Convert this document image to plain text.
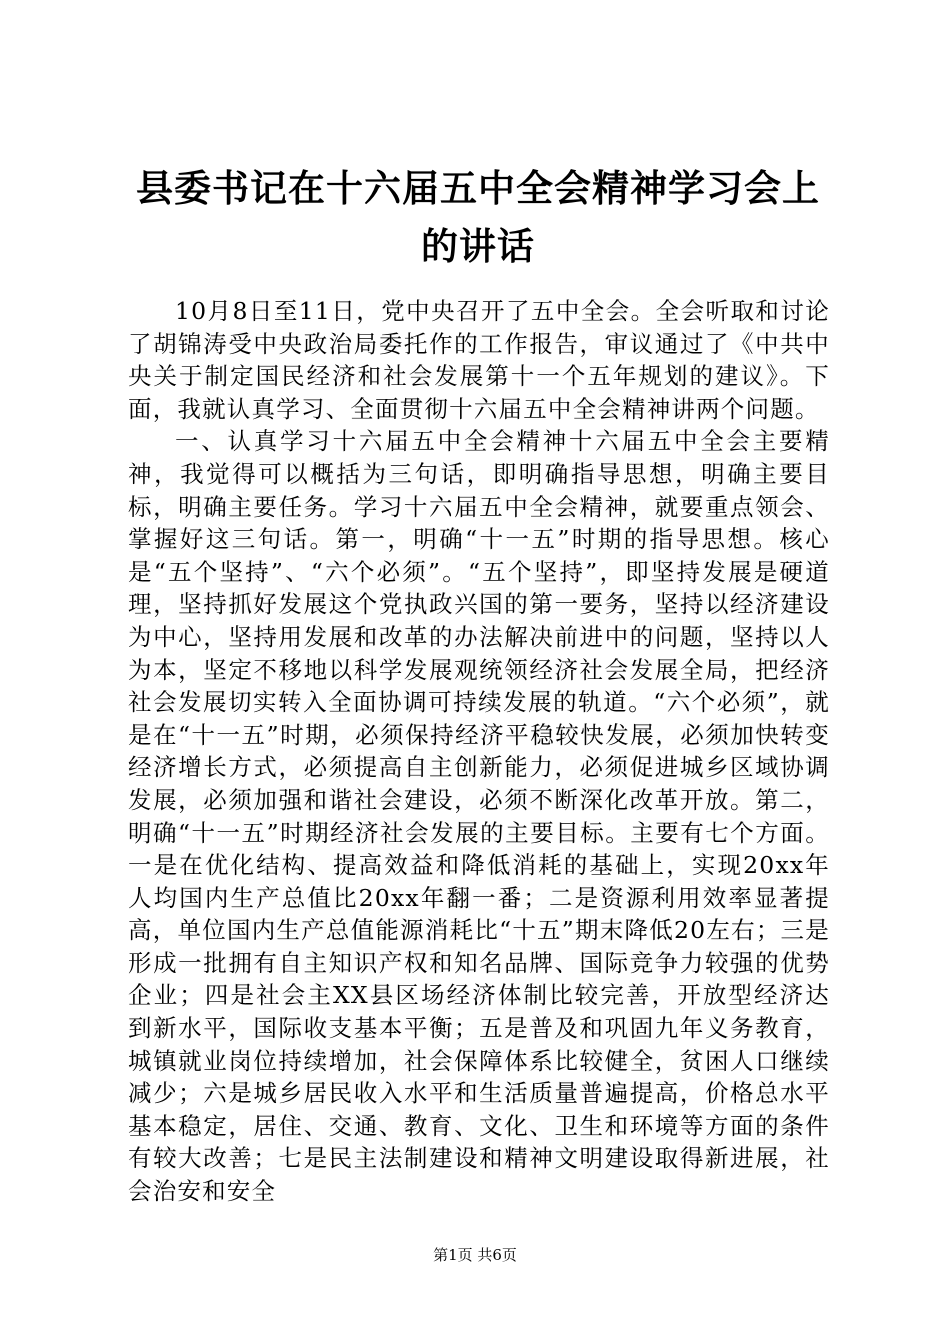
县委书记在十六届五中全会精神学习会上的讲话

10月8日至11日，党中央召开了五中全会。全会听取和讨论了胡锦涛受中央政治局委托作的工作报告，审议通过了《中共中央关于制定国民经济和社会发展第十一个五年规划的建议》。下面，我就认真学习、全面贯彻十六届五中全会精神讲两个问题。

一、认真学习十六届五中全会精神十六届五中全会主要精神，我觉得可以概括为三句话，即明确指导思想，明确主要目标，明确主要任务。学习十六届五中全会精神，就要重点领会、掌握好这三句话。第一，明确“十一五”时期的指导思想。核心是“五个坚持”、“六个必须”。“五个坚持”，即坚持发展是硬道理，坚持抓好发展这个党执政兴国的第一要务，坚持以经济建设为中心，坚持用发展和改革的办法解决前进中的问题，坚持以人为本，坚定不移地以科学发展观统领经济社会发展全局，把经济社会发展切实转入全面协调可持续发展的轨道。“六个必须”，就是在“十一五”时期，必须保持经济平稳较快发展，必须加快转变经济增长方式，必须提高自主创新能力，必须促进城乡区域协调发展，必须加强和谐社会建设，必须不断深化改革开放。第二，明确“十一五”时期经济社会发展的主要目标。主要有七个方面。一是在优化结构、提高效益和降低消耗的基础上，实现20xx年人均国内生产总值比20xx年翻一番；二是资源利用效率显著提高，单位国内生产总值能源消耗比“十五”期末降低20左右；三是形成一批拥有自主知识产权和知名品牌、国际竞争力较强的优势企业；四是社会主XX县区场经济体制比较完善，开放型经济达到新水平，国际收支基本平衡；五是普及和巩固九年义务教育，城镇就业岗位持续增加，社会保障体系比较健全，贫困人口继续减少；六是城乡居民收入水平和生活质量普遍提高，价格总水平基本稳定，居住、交通、教育、文化、卫生和环境等方面的条件有较大改善；七是民主法制建设和精神文明建设取得新进展，社会治安和安全

第1页 共6页
